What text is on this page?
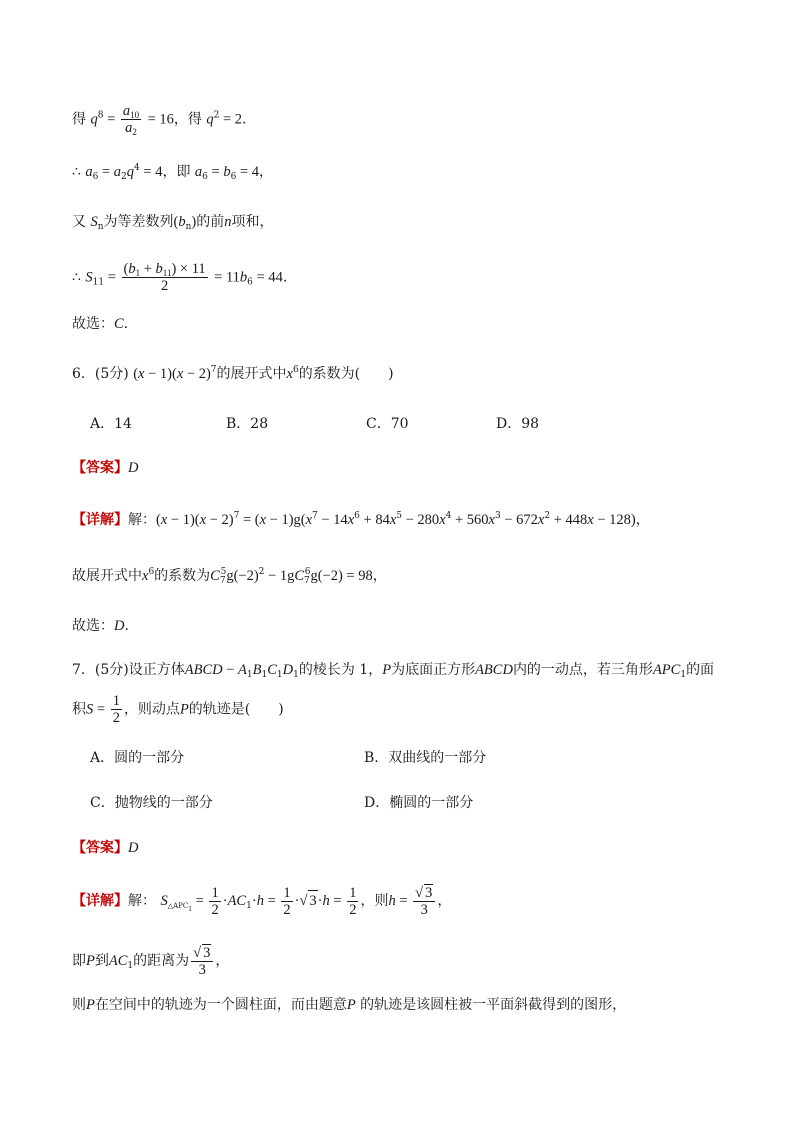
得 $q^8 = \frac{a_{10}}{a_2} = 16$，得 $q^2 = 2$.
∴ $a_6 = a_2q^4 = 4$，即 $a_6 = b_6 = 4$，
又 $S_n$为等差数列$(b_n)$的前n项和，
∴ $S_{11} = \frac{(b_1 + b_{11}) \times 11}{2} = 11b_6 = 44$.
故选：C.
6．(5分) $(x - 1)(x - 2)^7$的展开式中$x^6$的系数为(　　)
A．14	B．28	C．70	D．98
【答案】D
【详解】解：$(x - 1)(x - 2)^7 = (x - 1)g(x^7 - 14x^6 + 84x^5 - 280x^4 + 560x^3 - 672x^2 + 448x - 128)$，
故展开式中$x^6$的系数为$C_7^5g(-2)^2 - 1gC_7^6g(-2) = 98$，
故选：D.
7．(5分)设正方体ABCD − $A_1B_1C_1D_1$的棱长为 1，P为底面正方形ABCD内的一动点，若三角形$APC_1$的面
积$S = \frac{1}{2}$ ，则动点P的轨迹是(　　)
A．圆的一部分	B．双曲线的一部分
C．抛物线的一部分	D．椭圆的一部分
【答案】D
【详解】解： $S_{\triangle APC_1} = \frac{1}{2} \cdot AC_1\cdot h = \frac{1}{2}$ ·√ $3\cdot h = \frac{1}{2}$ ，则$h = \frac{√ 3}{3}$ ，
即P到$AC_1$的距离为 $\frac{√ 3}{3}$ ，
则P在空间中的轨迹为一个圆柱面，而由题意P 的轨迹是该圆柱被一平面斜截得到的图形，
